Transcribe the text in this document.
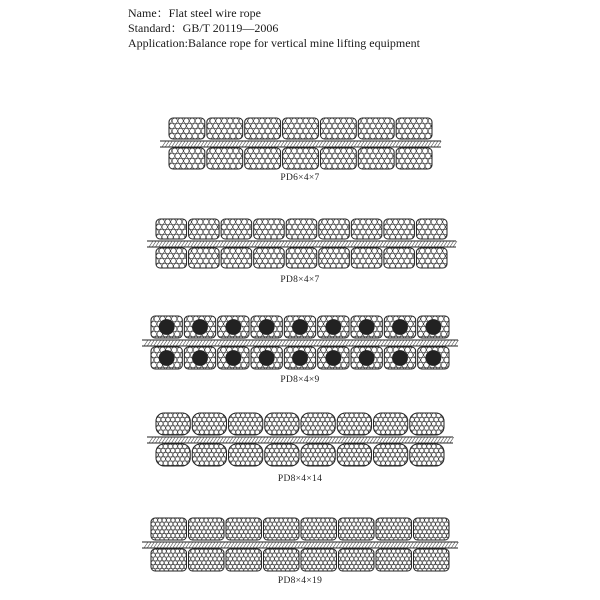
Name：Flat steel wire rope
Standard：GB/T 20119—2006
Application:Balance rope for vertical mine lifting equipment
PD6×4×7
PD8×4×7
PD8×4×9
PD8×4×14
PD8×4×19
